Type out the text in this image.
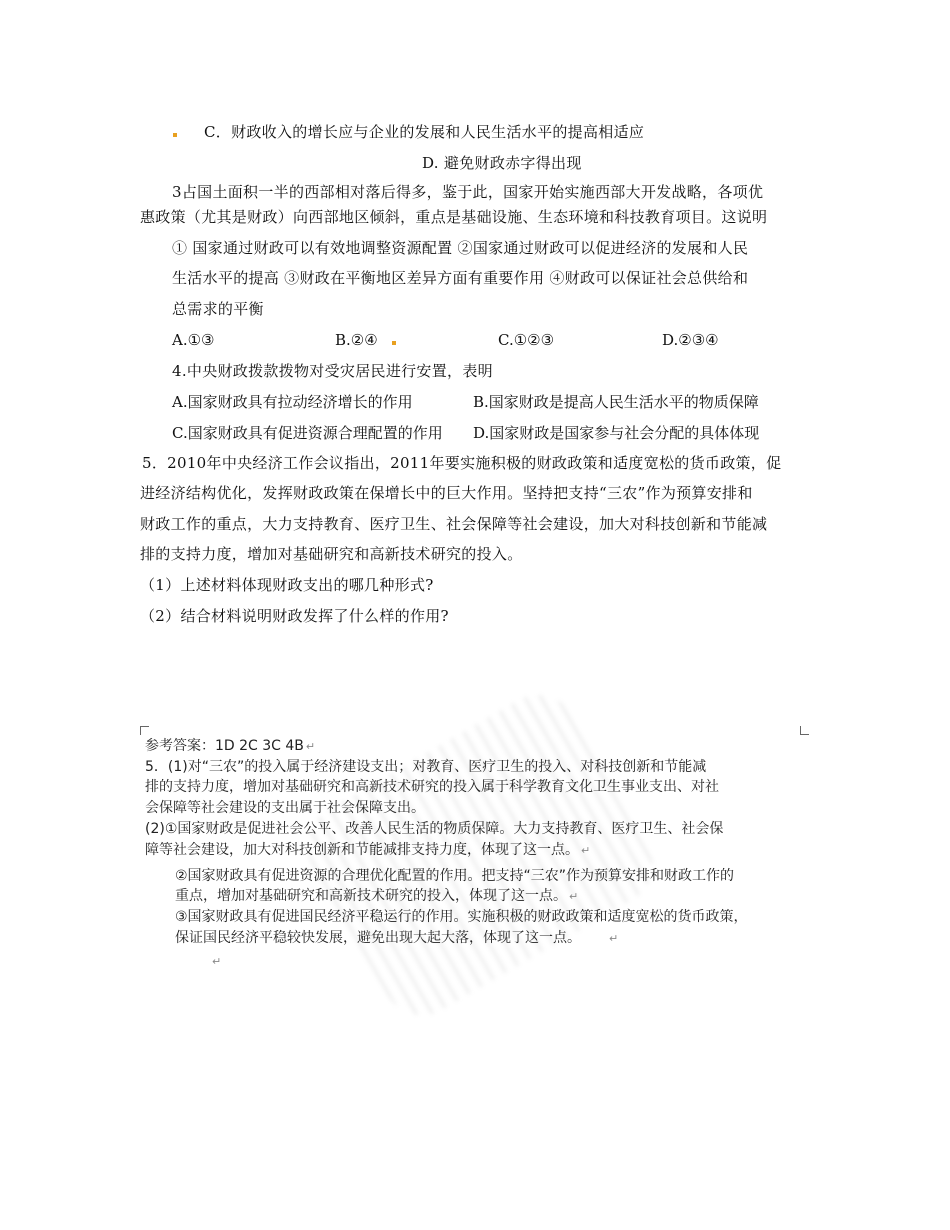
C．财政收入的增长应与企业的发展和人民生活水平的提高相适应
D. 避免财政赤字得出现
3占国土面积一半的西部相对落后得多，鉴于此，国家开始实施西部大开发战略，各项优
惠政策（尤其是财政）向西部地区倾斜，重点是基础设施、生态环境和科技教育项目。这说明
① 国家通过财政可以有效地调整资源配置 ②国家通过财政可以促进经济的发展和人民
生活水平的提高 ③财政在平衡地区差异方面有重要作用 ④财政可以保证社会总供给和
总需求的平衡
A.①③	B.②④	C.①②③	D.②③④
4.中央财政拨款拨物对受灾居民进行安置，表明
A.国家财政具有拉动经济增长的作用	B.国家财政是提高人民生活水平的物质保障
C.国家财政具有促进资源合理配置的作用 D.国家财政是国家参与社会分配的具体体现
5．2010年中央经济工作会议指出，2011年要实施积极的财政政策和适度宽松的货币政策，促
进经济结构优化，发挥财政政策在保增长中的巨大作用。坚持把支持“三农”作为预算安排和
财政工作的重点，大力支持教育、医疗卫生、社会保障等社会建设，加大对科技创新和节能减
排的支持力度，增加对基础研究和高新技术研究的投入。
（1）上述材料体现财政支出的哪几种形式?
（2）结合材料说明财政发挥了什么样的作用?
参考答案：1D 2C 3C 4B ↵
5．(1)对“三农”的投入属于经济建设支出；对教育、医疗卫生的投入、对科技创新和节能减
排的支持力度，增加对基础研究和高新技术研究的投入属于科学教育文化卫生事业支出、对社
会保障等社会建设的支出属于社会保障支出。
(2)①国家财政是促进社会公平、改善人民生活的物质保障。大力支持教育、医疗卫生、社会保
障等社会建设，加大对科技创新和节能减排支持力度，体现了这一点。 ↵
②国家财政具有促进资源的合理优化配置的作用。把支持“三农”作为预算安排和财政工作的
重点，增加对基础研究和高新技术研究的投入，体现了这一点。 ↵
③国家财政具有促进国民经济平稳运行的作用。实施积极的财政政策和适度宽松的货币政策，
保证国民经济平稳较快发展，避免出现大起大落，体现了这一点。	↵
↵
